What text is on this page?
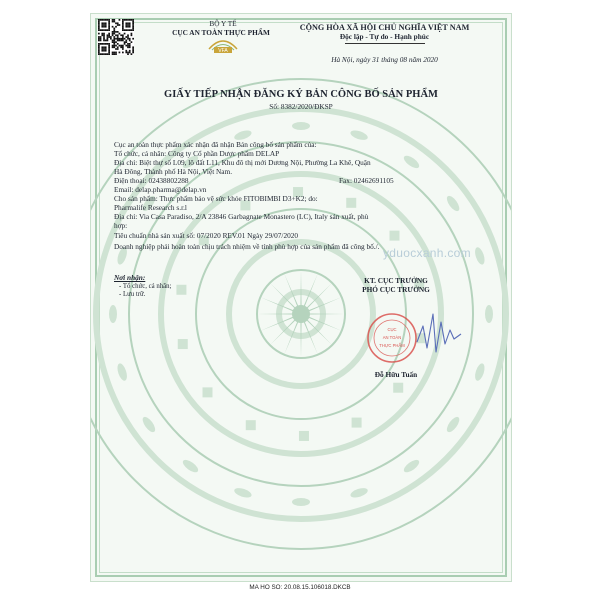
BỘ Y TẾ
CỤC AN TOÀN THỰC PHẨM
VFA
CỘNG HÒA XÃ HỘI CHỦ NGHĨA VIỆT NAM
Độc lập - Tự do - Hạnh phúc
Hà Nội, ngày 31 tháng 08 năm 2020
GIẤY TIẾP NHẬN ĐĂNG KÝ BẢN CÔNG BỐ SẢN PHẨM
Số: 8382/2020/ĐKSP
Cục an toàn thực phẩm xác nhận đã nhận Bản công bố sản phẩm của:
Tổ chức, cá nhân: Công ty Cổ phần Dược phẩm DELAP
Địa chỉ: Biệt thự số L09, lô đất L11, Khu đô thị mới Dương Nội, Phường La Khê, Quận
Hà Đông, Thành phố Hà Nội, Việt Nam.
Điện thoại: 02438802288	Fax: 02462691105
Email: delap.pharma@delap.vn
Cho sản phẩm: Thực phẩm bảo vệ sức khỏe FITOBIMBI D3+K2; do:
Pharmalife Research s.r.l
Địa chỉ: Via Casa Paradiso, 2/A 23846 Garbagnate Monastero (LC), Italy sản xuất, phù
hợp:
Tiêu chuẩn nhà sản xuất số: 07/2020 REV.01 Ngày 29/07/2020
Doanh nghiệp phải hoàn toàn chịu trách nhiệm về tính phù hợp của sản phẩm đã công bố./. yduocxanh.com
Nơi nhận:
- Tổ chức, cá nhân;
- Lưu trữ.
KT. CỤC TRƯỞNG
PHÓ CỤC TRƯỞNG
CỤC
AN TOÀN
THỰC PHẨM
Đỗ Hữu Tuấn
MA HO SO: 20.08.15.106018.DKCB
